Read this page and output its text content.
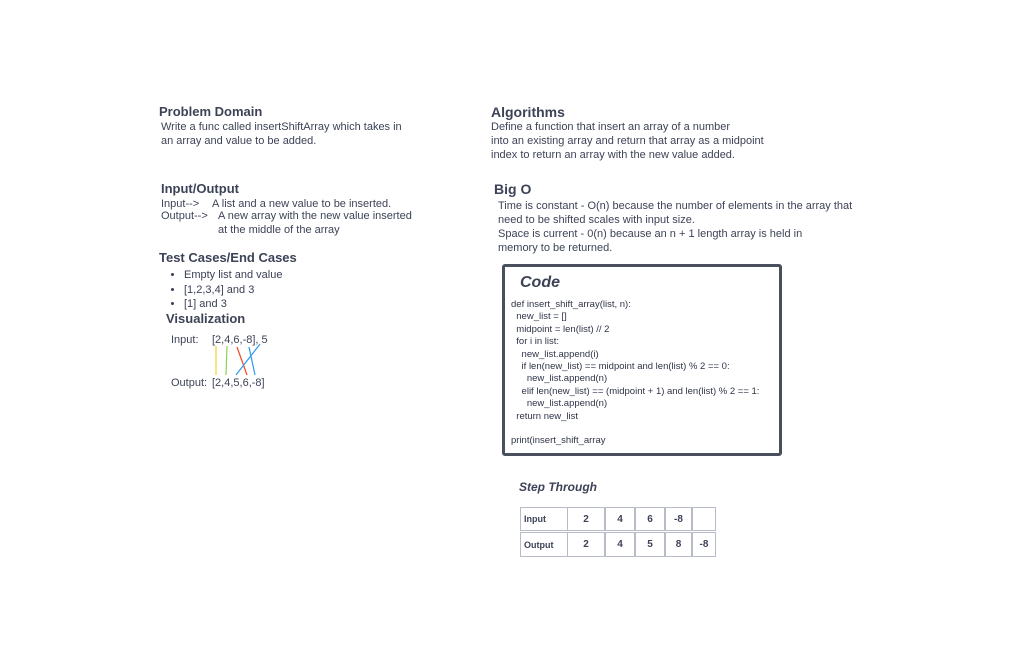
Problem Domain
Write a func called insertShiftArray which takes in
an array and value to be added.
Algorithms
Define a function that insert an array of a number
into an existing array and return that array as a midpoint
index to return an array with the new value added.
Input/Output
Input--> A list and a new value to be inserted.
Output--> A new array with the new value inserted
at the middle of the array
Big O
Time is constant - O(n) because the number of elements in the array that
need to be shifted scales with input size.
Space is current - 0(n) because an n + 1 length array is held in
memory to be returned.
Test Cases/End Cases
• Empty list and value
• [1,2,3,4] and 3
• [1] and 3
Visualization
Input: [2,4,6,-8], 5
Output: [2,4,5,6,-8]
Code
def insert_shift_array(list, n):
new_list = []
midpoint = len(list) // 2
for i in list:
new_list.append(i)
if len(new_list) == midpoint and len(list) % 2 == 0:
new_list.append(n)
elif len(new_list) == (midpoint + 1) and len(list) % 2 == 1:
new_list.append(n)
return new_list

print(insert_shift_array
Step Through
Input	2	4	6	-8
Output	2	4	5	8	-8
